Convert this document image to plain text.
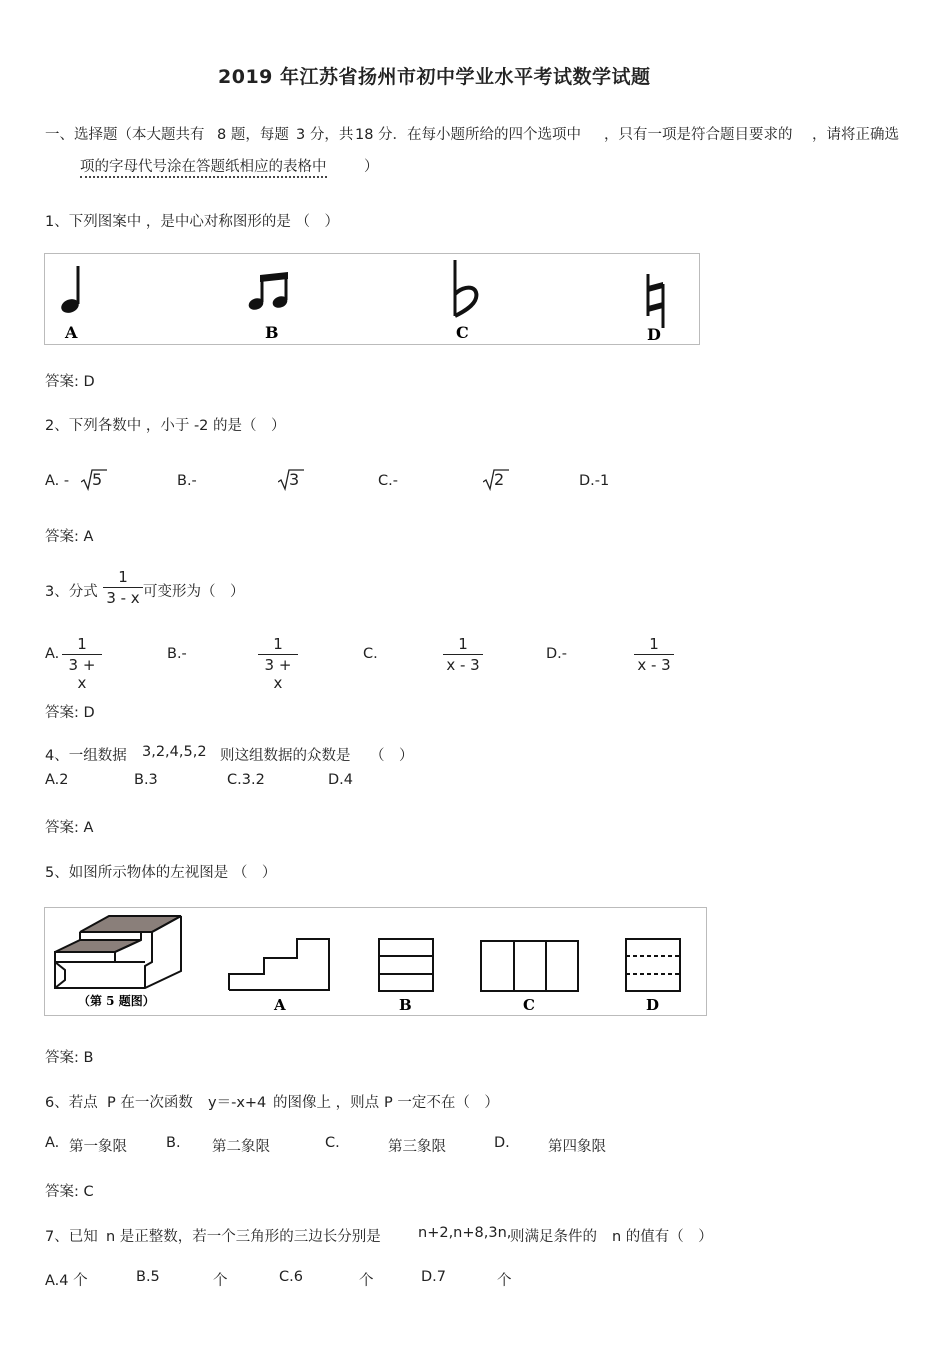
2019 年江苏省扬州市初中学业水平考试数学试题
一、选择题（本大题共有 8 题，每题 3 分，共 18 分．在每小题所给的四个选项中 ，只有一项是符合题目要求的 ，请将正确选
项的字母代号涂在答题纸相应的表格中	）
1、下列图案中 ，是中心对称图形的是 （　）
A	B	C	D
答案: D
2、下列各数中 ，小于 -2 的是（　）
A. - 5	B.-	3	C.-	2	D.-1
答案: A
3、分式
1
3 - x 可变形为（　）
A.
1
3 + x
B.-
1
3 + x
C.
1
x - 3
D.-
1
x - 3
答案: D
4、一组数据 3,2,4,5,2 则这组数据的众数是 （　）
A.2	B.3	C.3.2	D.4
答案: A
5、如图所示物体的左视图是 （　）
（第 5 题图）	A	B	C	D
答案: B
6、若点 P 在一次函数 y＝-x+4 的图像上 ，则点 P 一定不在（　）
A. 第一象限	B. 第二象限	C.	第三象限	D.	第四象限
答案: C
7、已知 n 是正整数，若一个三角形的三边长分别是	n+2,n+8,3n,
则满足条件的 n 的值有（　）
A.4 个	B.5	个	C.6	个	D.7	个
